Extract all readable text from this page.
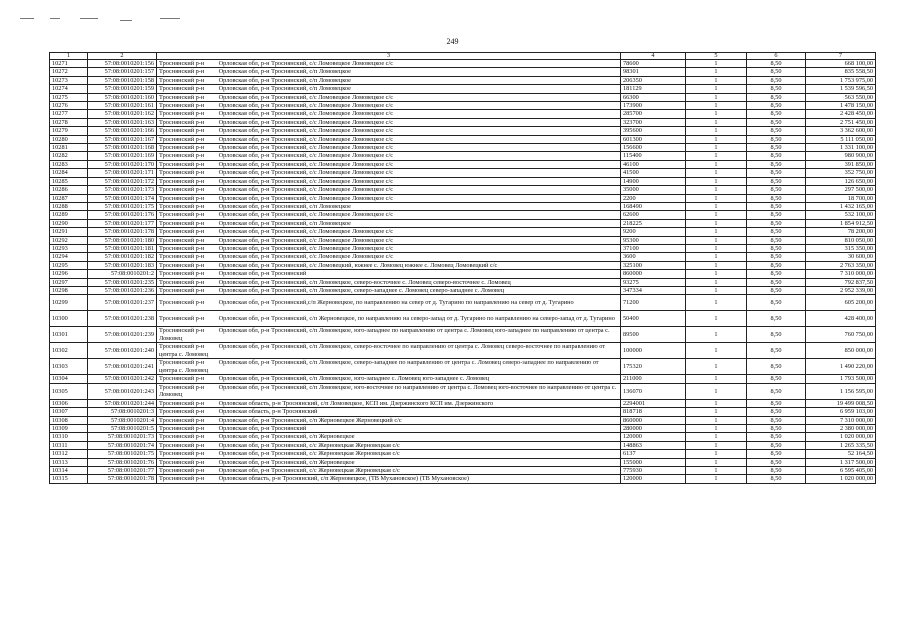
249
1	2	3	4	5	6	7
10271	57:08:0010201:156	Троснянский р-н Орловская обл, р-н Троснянский, с/с Ломовецкое Ломовецкое с/с	78600	1	8,50	668 100,00
10272	57:08:0010201:157	Троснянский р-н Орловская обл, р-н Троснянский, с/п Ломовецкое	98301	1	8,50	835 558,50
10273	57:08:0010201:158	Троснянский р-н Орловская обл, р-н Троснянский, с/п Ломовецкое	206350	1	8,50	1 753 975,00
10274	57:08:0010201:159	Троснянский р-н Орловская обл, р-н Троснянский, с/п Ломовецкое	181129	1	8,50	1 539 596,50
10275	57:08:0010201:160	Троснянский р-н Орловская обл, р-н Троснянский, с/с Ломовецкое Ломовецкое с/с	66300	1	8,50	563 550,00
10276	57:08:0010201:161	Троснянский р-н Орловская обл, р-н Троснянский, с/с Ломовецкое Ломовецкое с/с	173900	1	8,50	1 478 150,00
10277	57:08:0010201:162	Троснянский р-н Орловская обл, р-н Троснянский, с/с Ломовецкое Ломовецкое с/с	285700	1	8,50	2 428 450,00
10278	57:08:0010201:163	Троснянский р-н Орловская обл, р-н Троснянский, с/с Ломовецкое Ломовецкое с/с	323700	1	8,50	2 751 450,00
10279	57:08:0010201:166	Троснянский р-н Орловская обл, р-н Троснянский, с/с Ломовецкое Ломовецкое с/с	395600	1	8,50	3 362 600,00
10280	57:08:0010201:167	Троснянский р-н Орловская обл, р-н Троснянский, с/с Ломовецкое Ломовецкое с/с	601300	1	8,50	5 111 050,00
10281	57:08:0010201:168	Троснянский р-н Орловская обл, р-н Троснянский, с/с Ломовецкое Ломовецкое с/с	156600	1	8,50	1 331 100,00
10282	57:08:0010201:169	Троснянский р-н Орловская обл, р-н Троснянский, с/с Ломовецкое Ломовецкое с/с	115400	1	8,50	980 900,00
10283	57:08:0010201:170	Троснянский р-н Орловская обл, р-н Троснянский, с/с Ломовецкое Ломовецкое с/с	46100	1	8,50	391 850,00
10284	57:08:0010201:171	Троснянский р-н Орловская обл, р-н Троснянский, с/с Ломовецкое Ломовецкое с/с	41500	1	8,50	352 750,00
10285	57:08:0010201:172	Троснянский р-н Орловская обл, р-н Троснянский, с/с Ломовецкое Ломовецкое с/с	14900	1	8,50	126 650,00
10286	57:08:0010201:173	Троснянский р-н Орловская обл, р-н Троснянский, с/с Ломовецкое Ломовецкое с/с	35000	1	8,50	297 500,00
10287	57:08:0010201:174	Троснянский р-н Орловская обл, р-н Троснянский, с/с Ломовецкое Ломовецкое с/с	2200	1	8,50	18 700,00
10288	57:08:0010201:175	Троснянский р-н Орловская обл, р-н Троснянский, с/п Ломовецкое	168490	1	8,50	1 432 165,00
10289	57:08:0010201:176	Троснянский р-н Орловская обл, р-н Троснянский, с/с Ломовецкое Ломовецкое с/с	62600	1	8,50	532 100,00
10290	57:08:0010201:177	Троснянский р-н Орловская обл, р-н Троснянский, с/п Ломовецкое	218225	1	8,50	1 854 912,50
10291	57:08:0010201:178	Троснянский р-н Орловская обл, р-н Троснянский, с/с Ломовецкое Ломовецкое с/с	9200	1	8,50	78 200,00
10292	57:08:0010201:180	Троснянский р-н Орловская обл, р-н Троснянский, с/с Ломовецкое Ломовецкое с/с	95300	1	8,50	810 050,00
10293	57:08:0010201:181	Троснянский р-н Орловская обл, р-н Троснянский, с/с Ломовецкое Ломовецкое с/с	37100	1	8,50	315 350,00
10294	57:08:0010201:182	Троснянский р-н Орловская обл, р-н Троснянский, с/с Ломовецкое Ломовецкое с/с	3600	1	8,50	30 600,00
10295	57:08:0010201:183	Троснянский р-н Орловская обл, р-н Троснянский, с/с Ломовецкий, южнее с. Ломовец южнее с. Ломовец Ломовецкий с/с	325100	1	8,50	2 763 350,00
10296	57:08:0010201:2	Троснянский р-н Орловская обл, р-н Троснянский	860000	1	8,50	7 310 000,00
10297	57:08:0010201:235	Троснянский р-н Орловская обл, р-н Троснянский, с/п Ломовецкое, северо-восточнее с. Ломовец северо-восточнее с. Ломовец	93275	1	8,50	792 837,50
10298	57:08:0010201:236	Троснянский р-н Орловская обл, р-н Троснянский, с/п Ломовецкое, северо-западнее с. Ломовец северо-западнее с. Ломовец	347334	1	8,50	2 952 339,00
10299	57:08:0010201:237	Троснянский р-н Орловская обл, р-н Троснянский,с/п Жерновецкое, по направлению на север от д. Тугарино по направлению на север от д. Тугарино	71200	1	8,50	605 200,00
10300	57:08:0010201:238	Троснянский р-н Орловская обл, р-н Троснянский, с/п Жерновецкое, по направлению на северо-запад от д. Тугарино по направлению на северо-запад от д. Тугарино	50400	1	8,50	428 400,00
10301	57:08:0010201:239	Троснянский р-н Орловская обл, р-н Троснянский, с/п Ломовецкое, юго-западнее по направлению от центра с. Ломовец юго-западнее по направлению от центра с. Ломовец	89500	1	8,50	760 750,00
10302	57:08:0010201:240	Троснянский р-н Орловская обл, р-н Троснянский, с/п Ломовецкое, северо-восточнее по направлению от центра с. Ломовец северо-восточнее по направлению от центра с. Ломовец	100000	1	8,50	850 000,00
10303	57:08:0010201:241	Троснянский р-н Орловская обл, р-н Троснянский, с/п Ломовецкое, северо-западнее по направлению от центра с. Ломовец северо-западнее по направлению от центра с. Ломовец	175320	1	8,50	1 490 220,00
10304	57:08:0010201:242	Троснянский р-н Орловская обл, р-н Троснянский, с/п Ломовецкое, юго-западнее с. Ломовец юго-западнее с. Ломовец	211000	1	8,50	1 793 500,00
10305	57:08:0010201:243	Троснянский р-н Орловская обл, р-н Троснянский, с/п Ломовецкое, юго-восточнее по направлению от центра с. Ломовец юго-восточнее по направлению от центра с. Ломовец	136070	1	8,50	1 156 595,00
10306	57:08:0010201:244	Троснянский р-н Орловская область, р-н Троснянский, с/п Ломовецкое, КСП им. Дзержинского КСП им. Дзержинского	2294001	1	8,50	19 499 008,50
10307	57:08:0010201:3	Троснянский р-н Орловская область, р-н Троснянский	818718	1	8,50	6 959 103,00
10308	57:08:0010201:4	Троснянский р-н Орловская обл, р-н Троснянский, с/п Жерновецкое Жерновецкий с/с	860000	1	8,50	7 310 000,00
10309	57:08:0010201:5	Троснянский р-н Орловская обл, р-н Троснянский	280000	1	8,50	2 380 000,00
10310	57:08:0010201:73	Троснянский р-н Орловская обл, р-н Троснянский, с/п Жерновецкое	120000	1	8,50	1 020 000,00
10311	57:08:0010201:74	Троснянский р-н Орловская обл, р-н Троснянский, с/с Жерновецкая Жерновецкая с/с	148863	1	8,50	1 265 335,50
10312	57:08:0010201:75	Троснянский р-н Орловская обл, р-н Троснянский, с/с Жерновецкая Жерновецкая с/с	6137	1	8,50	52 164,50
10313	57:08:0010201:76	Троснянский р-н Орловская обл, р-н Троснянский, с/п Жерновецкое	155000	1	8,50	1 317 500,00
10314	57:08:0010201:77	Троснянский р-н Орловская обл, р-н Троснянский, с/с Жерновецкая Жерновецкая с/с	775930	1	8,50	6 595 405,00
10315	57:08:0010201:78	Троснянский р-н Орловская область, р-н Троснянский, с/п Жерновецкое, (ТВ Мухановское) (ТВ Мухановское)	120000	1	8,50	1 020 000,00
